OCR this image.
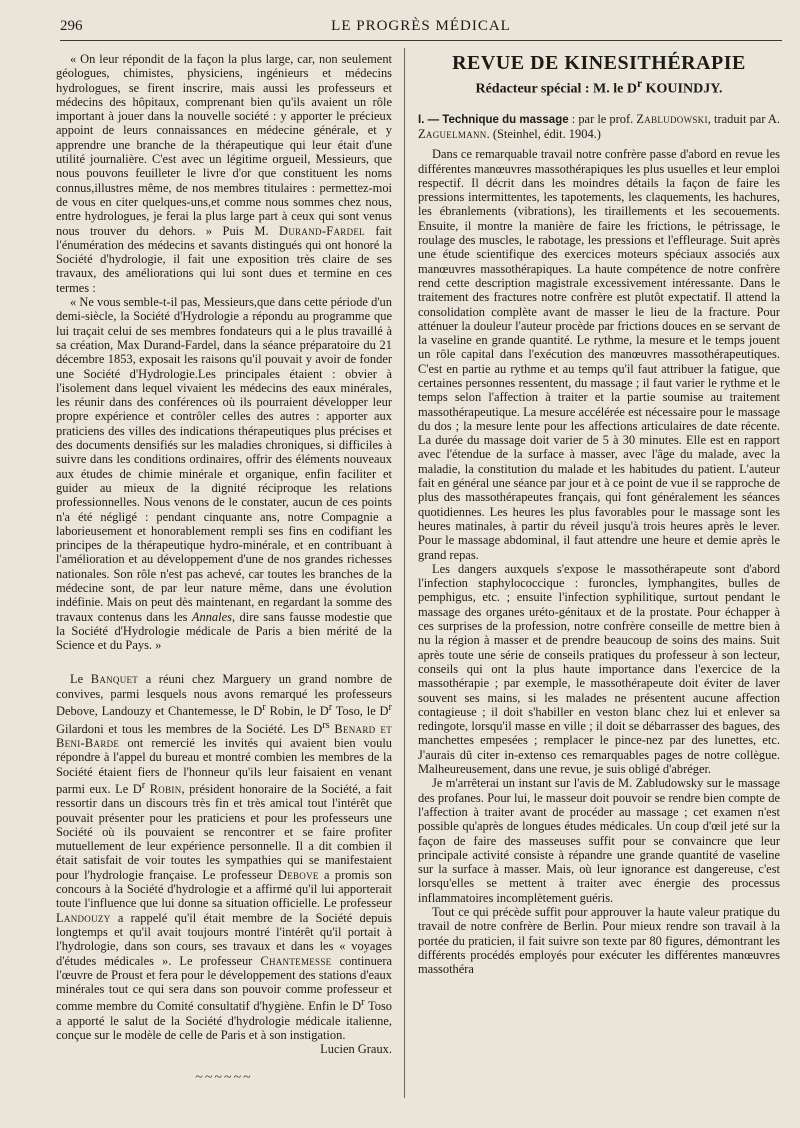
296	LE PROGRÈS MÉDICAL

« On leur répondit de la façon la plus large, car, non seulement géologues, chimistes, physiciens, ingénieurs et médecins hydrologues, se firent inscrire, mais aussi les professeurs et médecins des hôpitaux, comprenant bien qu'ils avaient un rôle important à jouer dans la nouvelle société : y apporter le précieux appoint de leurs connaissances en médecine générale, et y apprendre une branche de la thérapeutique qui leur était d'une utilité journalière. C'est avec un légitime orgueil, Messieurs, que nous pouvons feuilleter le livre d'or que constituent les noms connus,illustres même, de nos membres titulaires : permettez-moi de vous en citer quelques-uns,et comme nous sommes chez nous, entre hydrologues, je ferai la plus large part à ceux qui sont venus nous trouver du dehors. » Puis M. Durand-Fardel fait l'énumération des médecins et savants distingués qui ont honoré la Société d'hydrologie, il fait une exposition très claire de ses travaux, des améliorations qui lui sont dues et termine en ces termes :

« Ne vous semble-t-il pas, Messieurs,que dans cette période d'un demi-siècle, la Société d'Hydrologie a répondu au programme que lui traçait celui de ses membres fondateurs qui a le plus travaillé à sa création, Max Durand-Fardel, dans la séance préparatoire du 21 décembre 1853, exposait les raisons qu'il pouvait y avoir de fonder une Société d'Hydrologie.Les principales étaient : obvier à l'isolement dans lequel vivaient les médecins des eaux minérales, les réunir dans des conférences où ils pourraient développer leur propre expérience et contrôler celles des autres : apporter aux praticiens des villes des indications thérapeutiques plus précises et des documents densifiés sur les maladies chroniques, si difficiles à suivre dans les conditions ordinaires, offrir des éléments nouveaux aux études de chimie minérale et organique, enfin faciliter et guider au mieux de la dignité réciproque les relations professionnelles. Nous venons de le constater, aucun de ces points n'a été négligé : pendant cinquante ans, notre Compagnie a laborieusement et honorablement rempli ses fins en codifiant les principes de la thérapeutique hydro-minérale, et en contribuant à l'amélioration et au développement d'une de nos grandes richesses nationales. Son rôle n'est pas achevé, car toutes les branches de la médecine sont, de par leur nature même, dans une évolution indéfinie. Mais on peut dès maintenant, en regardant la somme des travaux contenus dans les Annales, dire sans fausse modestie que la Société d'Hydrologie médicale de Paris a bien mérité de la Science et du Pays. »

Le Banquet a réuni chez Marguery un grand nombre de convives, parmi lesquels nous avons remarqué les professeurs Debove, Landouzy et Chantemesse, le $D^r$ Robin, le $D^r$ Toso, le $D^r$ Gilardoni et tous les membres de la Société. Les $D^{rs}$ Benard et Beni-Barde ont remercié les invités qui avaient bien voulu répondre à l'appel du bureau et montré combien les membres de la Société étaient fiers de l'honneur qu'ils leur faisaient en venant parmi eux. Le $D^r$ Robin, président honoraire de la Société, a fait ressortir dans un discours très fin et très amical tout l'intérêt que pouvait présenter pour les praticiens et pour les professeurs une Société où ils pouvaient se rencontrer et se faire profiter mutuellement de leur expérience personnelle. Il a dit combien il était satisfait de voir toutes les sympathies qui se manifestaient pour l'hydrologie française. Le professeur Debove a promis son concours à la Société d'hydrologie et a affirmé qu'il lui apporterait toute l'influence que lui donne sa situation officielle. Le professeur Landouzy a rappelé qu'il était membre de la Société depuis longtemps et qu'il avait toujours montré l'intérêt qu'il portait à l'hydrologie, dans son cours, ses travaux et dans les « voyages d'études médicales ». Le professeur Chantemesse continuera l'œuvre de Proust et fera pour le développement des stations d'eaux minérales tout ce qui sera dans son pouvoir comme professeur et comme membre du Comité consultatif d'hygiène. Enfin le $D^r$ Toso a apporté le salut de la Société d'hydrologie médicale italienne, conçue sur le modèle de celle de Paris et à son instigation.
Lucien Graux.

~~~~~~
REVUE DE KINESITHÉRAPIE
Rédacteur spécial : M. le $D^r$ KOUINDJY.

I. — Technique du massage : par le prof. Zabludowski, traduit par A. Zaguelmann. (Steinhel, édit. 1904.)

Dans ce remarquable travail notre confrère passe d'abord en revue les différentes manœuvres massothérapiques les plus usuelles et leur emploi respectif. Il décrit dans les moindres détails la façon de faire les pressions intermittentes, les tapotements, les claquements, les hachures, les ébranlements (vibrations), les tiraillements et les secouements. Ensuite, il montre la manière de faire les frictions, le pétrissage, le roulage des muscles, le rabotage, les pressions et l'effleurage. Suit après une étude scientifique des exercices moteurs spéciaux associés aux manœuvres massothérapiques. La haute compétence de notre confrère rend cette description magistrale excessivement intéressante. Dans le traitement des fractures notre confrère est plutôt expectatif. Il attend la consolidation complète avant de masser le lieu de la fracture. Pour atténuer la douleur l'auteur procède par frictions douces en se servant de la vaseline en grande quantité. Le rythme, la mesure et le temps jouent un rôle capital dans l'exécution des manœuvres massothérapeutiques. C'est en partie au rythme et au temps qu'il faut attribuer la fatigue, que certaines personnes ressentent, du massage ; il faut varier le rythme et le temps selon l'affection à traiter et la partie soumise au traitement massothérapeutique. La mesure accélérée est nécessaire pour le massage du dos ; la mesure lente pour les affections articulaires de date récente. La durée du massage doit varier de 5 à 30 minutes. Elle est en rapport avec l'étendue de la surface à masser, avec l'âge du malade, avec la maladie, la constitution du malade et les habitudes du patient. L'auteur fait en général une séance par jour et à ce point de vue il se rapproche de plus des massothérapeutes français, qui font généralement les séances quotidiennes. Les heures les plus favorables pour le massage sont les heures matinales, à partir du réveil jusqu'à trois heures après le lever. Pour le massage abdominal, il faut attendre une heure et demie après le grand repas.

Les dangers auxquels s'expose le massothérapeute sont d'abord l'infection staphylococcique : furoncles, lymphangites, bulles de pemphigus, etc. ; ensuite l'infection syphilitique, surtout pendant le massage des organes uréto-génitaux et de la prostate. Pour échapper à ces surprises de la profession, notre confrère conseille de mettre bien à nu la région à masser et de prendre beaucoup de soins des mains. Suit après toute une série de conseils pratiques du professeur à son lecteur, conseils qui ont la plus haute importance dans l'exercice de la massothérapie ; par exemple, le massothérapeute doit éviter de laver souvent ses mains, si les malades ne présentent aucune affection contagieuse ; il doit s'habiller en veston blanc chez lui et enlever sa redingote, lorsqu'il masse en ville ; il doit se débarrasser des bagues, des manchettes empesées ; remplacer le pince-nez par des lunettes, etc. J'aurais dû citer in-extenso ces remarquables pages de notre collègue. Malheureusement, dans une revue, je suis obligé d'abréger.

Je m'arrêterai un instant sur l'avis de M. Zabludowsky sur le massage des profanes. Pour lui, le masseur doit pouvoir se rendre bien compte de l'affection à traiter avant de procéder au massage ; cet examen n'est possible qu'après de longues études médicales. Un coup d'œil jeté sur la façon de faire des masseuses suffit pour se convaincre que leur principale activité consiste à répandre une grande quantité de vaseline sur la surface à masser. Mais, où leur ignorance est dangereuse, c'est lorsqu'elles se mettent à traiter avec énergie des processus inflammatoires incomplètement guéris.

Tout ce qui précède suffit pour approuver la haute valeur pratique du travail de notre confrère de Berlin. Pour mieux rendre son travail à la portée du praticien, il fait suivre son texte par 80 figures, démontrant les différents procédés employés pour exécuter les différentes manœuvres massothéra
